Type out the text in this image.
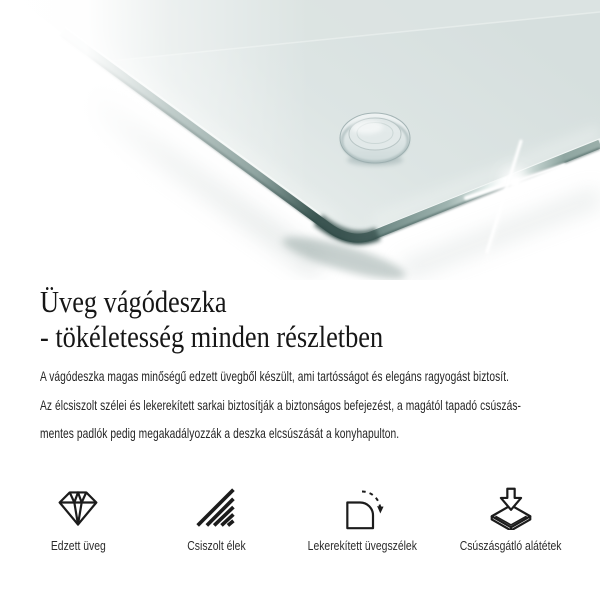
Üveg vágódeszka
- tökéletesség minden részletben
A vágódeszka magas minőségű edzett üvegből készült, ami tartósságot és elegáns ragyogást biztosít.
Az élcsiszolt szélei és lekerekített sarkai biztosítják a biztonságos befejezést, a magától tapadó csúszás-
mentes padlók pedig megakadályozzák a deszka elcsúszását a konyhapulton.
Edzett üveg	Csiszolt élek	Lekerekített üvegszélek	Csúszásgátló alátétek
